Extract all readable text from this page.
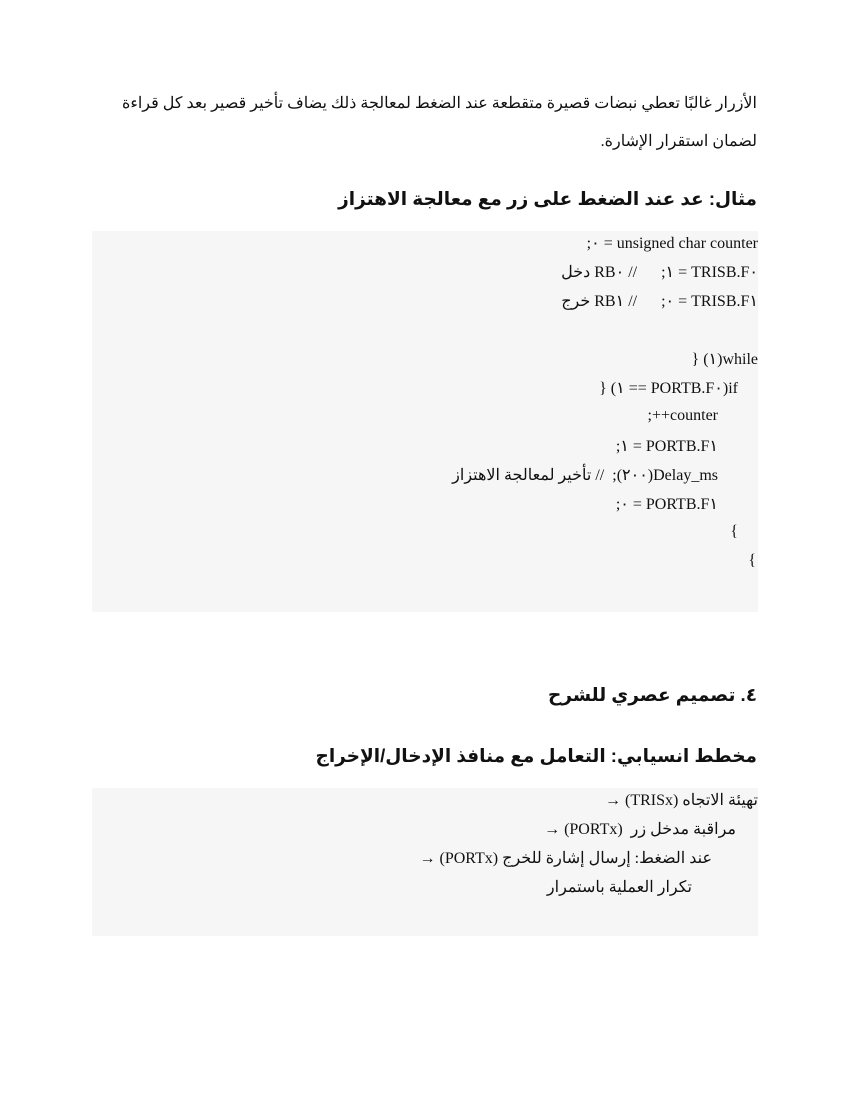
الأزرار غالبًا تعطي نبضات قصيرة متقطعة عند الضغط لمعالجة ذلك يضاف تأخير قصير بعد كل قراءة

لضمان استقرار الإشارة.

مثال: عد عند الضغط على زر مع معالجة الاهتزاز
unsigned char counter = ٠;
TRISB.F٠ = ١;      // RB٠ دخل
TRISB.F١ = ٠;      // RB١ خرج
while(١) {
if(PORTB.F٠ == ١) {
counter++;
PORTB.F١ = ١;
Delay_ms(٢٠٠);  // تأخير لمعالجة الاهتزاز
PORTB.F١ = ٠;
}
}
٤. تصميم عصري للشرح
مخطط انسيابي: التعامل مع منافذ الإدخال/الإخراج
تهيئة الاتجاه (TRISx) →
مراقبة مدخل زر  (PORTx) →
عند الضغط: إرسال إشارة للخرج (PORTx) →
تكرار العملية باستمرار
